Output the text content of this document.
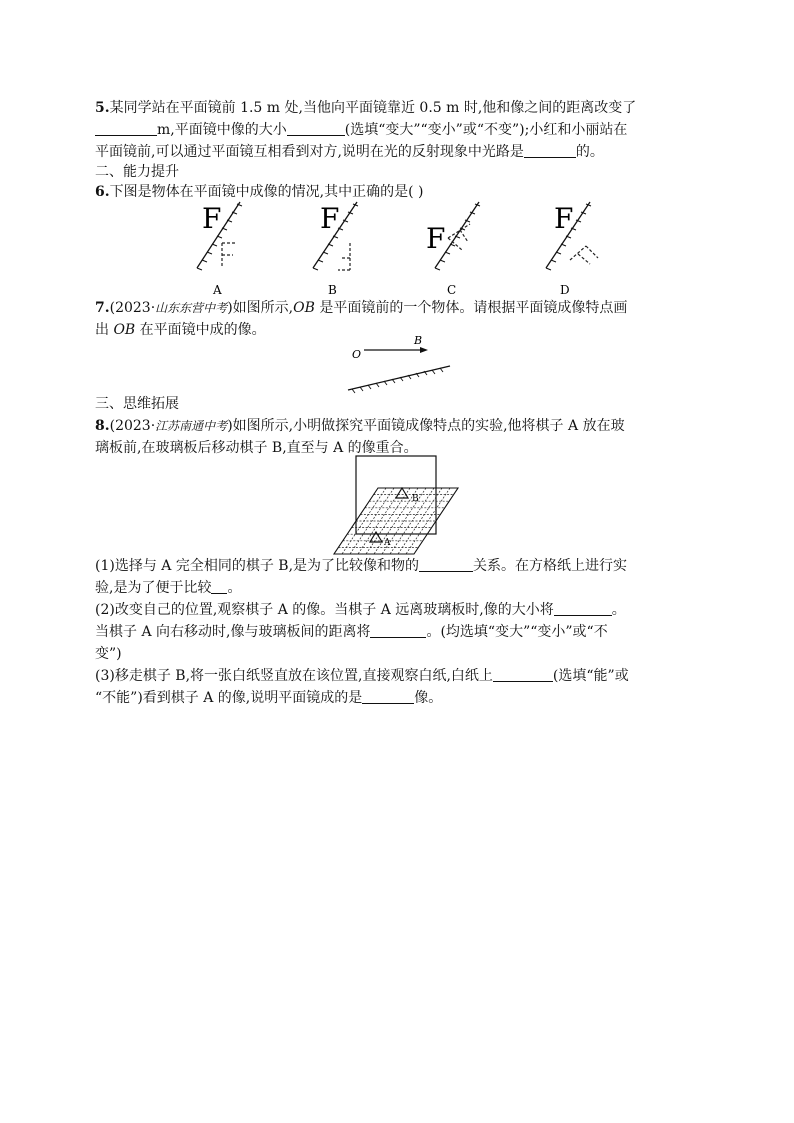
5.某同学站在平面镜前 1.5 m 处,当他向平面镜靠近 0.5 m 时,他和像之间的距离改变了
m,平面镜中像的大小	(选填“变大”“变小”或“不变”);小红和小丽站在
平面镜前,可以通过平面镜互相看到对方,说明在光的反射现象中光路是	的。
二、能力提升
6.下图是物体在平面镜中成像的情况,其中正确的是( )
F
A
F
B
F
C
F
D
7.(2023·山东东营中考)如图所示,OB 是平面镜前的一个物体。请根据平面镜成像特点画
出 OB 在平面镜中成的像。
O
B
三、思维拓展
8.(2023·江苏南通中考)如图所示,小明做探究平面镜成像特点的实验,他将棋子 A 放在玻
璃板前,在玻璃板后移动棋子 B,直至与 A 的像重合。
B
A
(1)选择与 A 完全相同的棋子 B,是为了比较像和物的	关系。在方格纸上进行实
验,是为了便于比较 。
(2)改变自己的位置,观察棋子 A 的像。当棋子 A 远离玻璃板时,像的大小将	。
当棋子 A 向右移动时,像与玻璃板间的距离将	。(均选填“变大”“变小”或“不
变”)
(3)移走棋子 B,将一张白纸竖直放在该位置,直接观察白纸,白纸上	(选填“能”或
“不能”)看到棋子 A 的像,说明平面镜成的是	像。
